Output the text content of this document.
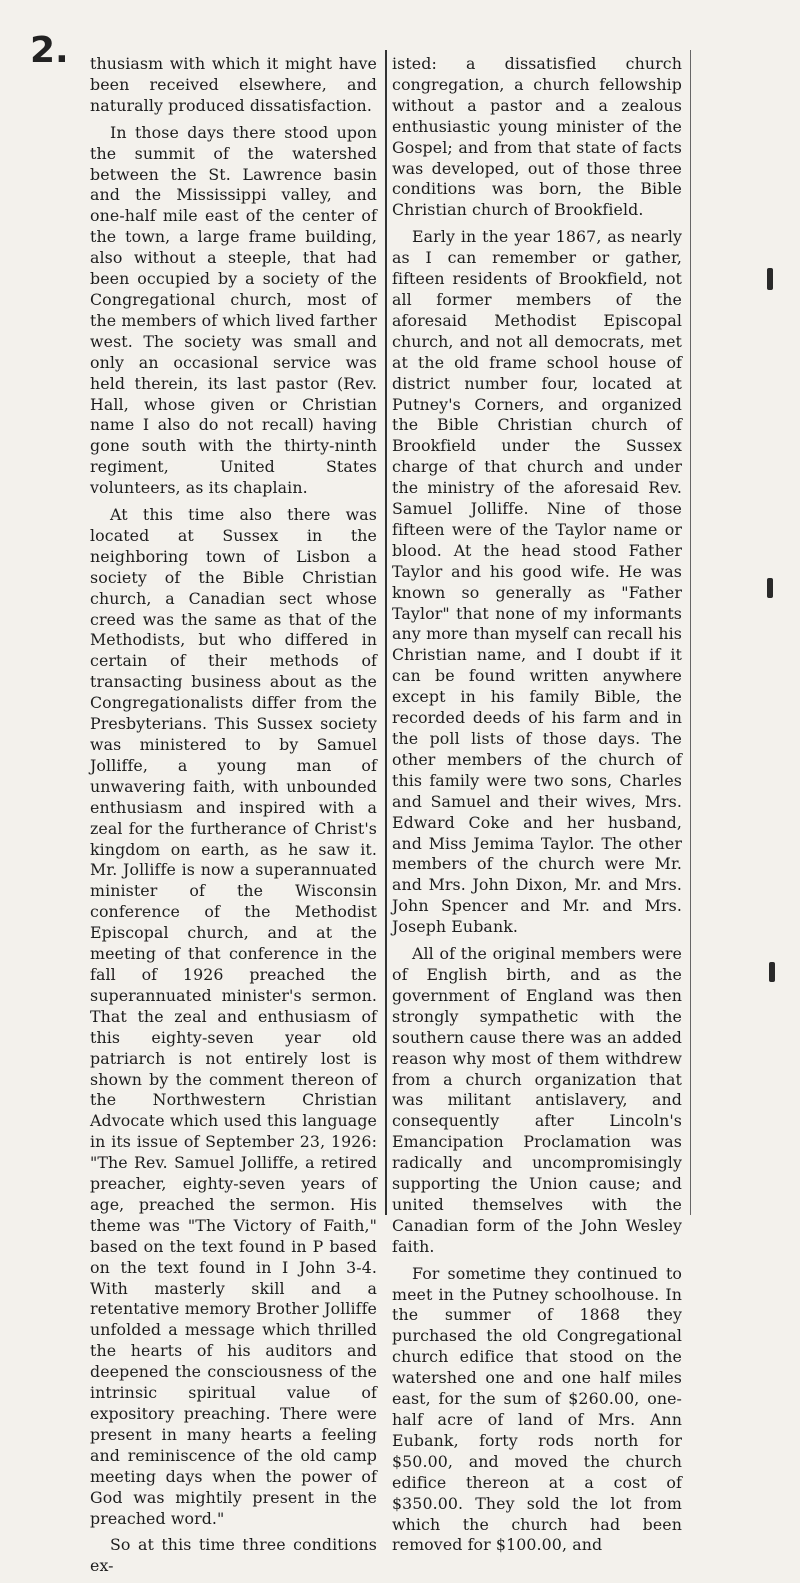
2. thusiasm with which it might have been received elsewhere, and naturally produced dissatisfaction.

In those days there stood upon the summit of the watershed between the St. Lawrence basin and the Mississippi valley, and one-half mile east of the center of the town, a large frame building, also without a steeple, that had been occupied by a society of the Congregational church, most of the members of which lived farther west. The society was small and only an occasional service was held therein, its last pastor (Rev. Hall, whose given or Christian name I also do not recall) having gone south with the thirty-ninth regiment, United States volunteers, as its chaplain.

At this time also there was located at Sussex in the neighboring town of Lisbon a society of the Bible Christian church, a Canadian sect whose creed was the same as that of the Methodists, but who differed in certain of their methods of transacting business about as the Congregationalists differ from the Presbyterians. This Sussex society was ministered to by Samuel Jolliffe, a young man of unwavering faith, with unbounded enthusiasm and inspired with a zeal for the furtherance of Christ's kingdom on earth, as he saw it. Mr. Jolliffe is now a superannuated minister of the Wisconsin conference of the Methodist Episcopal church, and at the meeting of that conference in the fall of 1926 preached the superannuated minister's sermon. That the zeal and enthusiasm of this eighty-seven year old patriarch is not entirely lost is shown by the comment thereon of the Northwestern Christian Advocate which used this language in its issue of September 23, 1926: "The Rev. Samuel Jolliffe, a retired preacher, eighty-seven years of age, preached the sermon. His theme was "The Victory of Faith," based on the text found in P based on the text found in I John 3-4. With masterly skill and a retentative memory Brother Jolliffe unfolded a message which thrilled the hearts of his auditors and deepened the consciousness of the intrinsic spiritual value of expository preaching. There were present in many hearts a feeling and reminiscence of the old camp meeting days when the power of God was mightily present in the preached word."

So at this time three conditions ex-

isted: a dissatisfied church congregation, a church fellowship without a pastor and a zealous enthusiastic young minister of the Gospel; and from that state of facts was developed, out of those three conditions was born, the Bible Christian church of Brookfield.

Early in the year 1867, as nearly as I can remember or gather, fifteen residents of Brookfield, not all former members of the aforesaid Methodist Episcopal church, and not all democrats, met at the old frame school house of district number four, located at Putney's Corners, and organized the Bible Christian church of Brookfield under the Sussex charge of that church and under the ministry of the aforesaid Rev. Samuel Jolliffe. Nine of those fifteen were of the Taylor name or blood. At the head stood Father Taylor and his good wife. He was known so generally as "Father Taylor" that none of my informants any more than myself can recall his Christian name, and I doubt if it can be found written anywhere except in his family Bible, the recorded deeds of his farm and in the poll lists of those days. The other members of the church of this family were two sons, Charles and Samuel and their wives, Mrs. Edward Coke and her husband, and Miss Jemima Taylor. The other members of the church were Mr. and Mrs. John Dixon, Mr. and Mrs. John Spencer and Mr. and Mrs. Joseph Eubank.

All of the original members were of English birth, and as the government of England was then strongly sympathetic with the southern cause there was an added reason why most of them withdrew from a church organization that was militant antislavery, and consequently after Lincoln's Emancipation Proclamation was radically and uncompromisingly supporting the Union cause; and united themselves with the Canadian form of the John Wesley faith.

For sometime they continued to meet in the Putney schoolhouse. In the summer of 1868 they purchased the old Congregational church edifice that stood on the watershed one and one half miles east, for the sum of $260.00, one-half acre of land of Mrs. Ann Eubank, forty rods north for $50.00, and moved the church edifice thereon at a cost of $350.00. They sold the lot from which the church had been removed for $100.00, and
